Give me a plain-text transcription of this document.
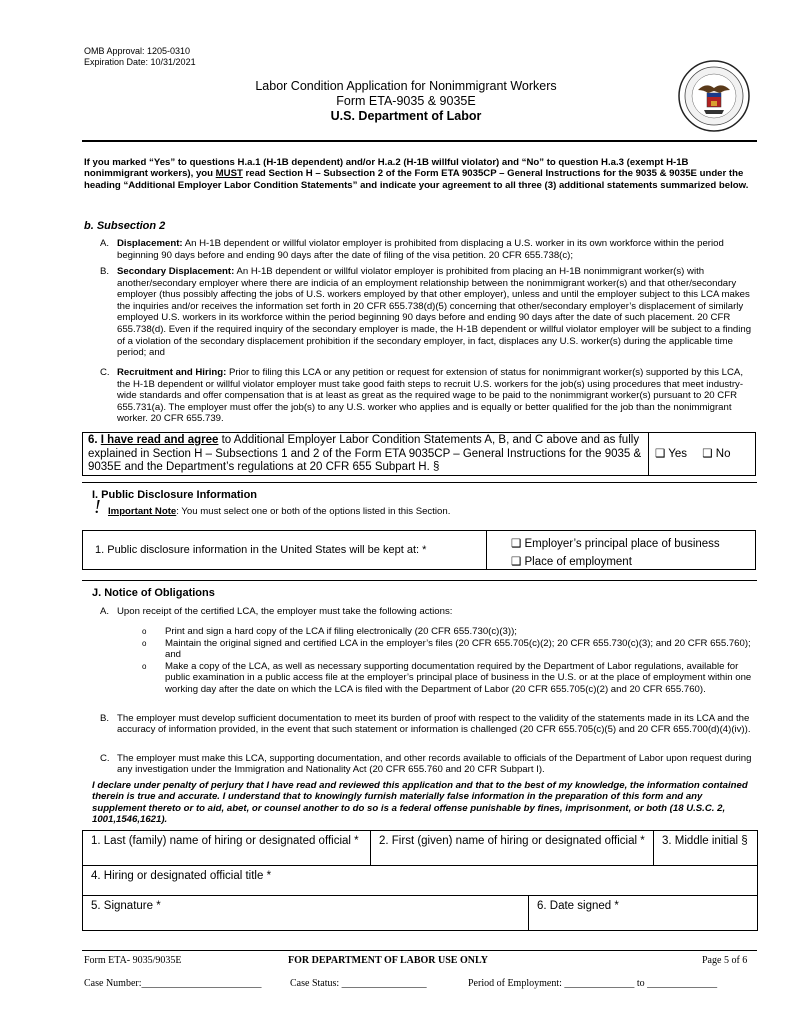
OMB Approval: 1205-0310
Expiration Date: 10/31/2021
Labor Condition Application for Nonimmigrant Workers
Form ETA-9035 & 9035E
U.S. Department of Labor
If you marked “Yes” to questions H.a.1 (H-1B dependent) and/or H.a.2 (H-1B willful violator) and “No” to question H.a.3 (exempt H-1B nonimmigrant workers), you MUST read Section H – Subsection 2 of the Form ETA 9035CP – General Instructions for the 9035 & 9035E under the heading “Additional Employer Labor Condition Statements” and indicate your agreement to all three (3) additional statements summarized below.
b. Subsection 2
A. Displacement: An H-1B dependent or willful violator employer is prohibited from displacing a U.S. worker in its own workforce within the period beginning 90 days before and ending 90 days after the date of filing of the visa petition. 20 CFR 655.738(c);
B. Secondary Displacement: An H-1B dependent or willful violator employer is prohibited from placing an H-1B nonimmigrant worker(s) with another/secondary employer where there are indicia of an employment relationship between the nonimmigrant worker(s) and that other/secondary employer (thus possibly affecting the jobs of U.S. workers employed by that other employer), unless and until the employer subject to this LCA makes the inquiries and/or receives the information set forth in 20 CFR 655.738(d)(5) concerning that other/secondary employer’s displacement of similarly employed U.S. workers in its workforce within the period beginning 90 days before and ending 90 days after the date of such placement. 20 CFR 655.738(d). Even if the required inquiry of the secondary employer is made, the H-1B dependent or willful violator employer will be subject to a finding of a violation of the secondary displacement prohibition if the secondary employer, in fact, displaces any U.S. worker(s) during the applicable time period; and
C. Recruitment and Hiring: Prior to filing this LCA or any petition or request for extension of status for nonimmigrant worker(s) supported by this LCA, the H-1B dependent or willful violator employer must take good faith steps to recruit U.S. workers for the job(s) using procedures that meet industry-wide standards and offer compensation that is at least as great as the required wage to be paid to the nonimmigrant worker(s) pursuant to 20 CFR 655.731(a). The employer must offer the job(s) to any U.S. worker who applies and is equally or better qualified for the job than the nonimmigrant worker. 20 CFR 655.739.
6. I have read and agree to Additional Employer Labor Condition Statements A, B, and C above and as fully explained in Section H – Subsections 1 and 2 of the Form ETA 9035CP – General Instructions for the 9035 & 9035E and the Department’s regulations at 20 CFR 655 Subpart H. §
❑ Yes ❑ No
I. Public Disclosure Information
! Important Note: You must select one or both of the options listed in this Section.
1. Public disclosure information in the United States will be kept at: *	❑ Employer’s principal place of business
❑ Place of employment
J. Notice of Obligations
A. Upon receipt of the certified LCA, the employer must take the following actions:
o Print and sign a hard copy of the LCA if filing electronically (20 CFR 655.730(c)(3));
o Maintain the original signed and certified LCA in the employer’s files (20 CFR 655.705(c)(2); 20 CFR 655.730(c)(3); and 20 CFR 655.760); and
o Make a copy of the LCA, as well as necessary supporting documentation required by the Department of Labor regulations, available for public examination in a public access file at the employer’s principal place of business in the U.S. or at the place of employment within one working day after the date on which the LCA is filed with the Department of Labor (20 CFR 655.705(c)(2) and 20 CFR 655.760).
B. The employer must develop sufficient documentation to meet its burden of proof with respect to the validity of the statements made in its LCA and the accuracy of information provided, in the event that such statement or information is challenged (20 CFR 655.705(c)(5) and 20 CFR 655.700(d)(4)(iv)).
C. The employer must make this LCA, supporting documentation, and other records available to officials of the Department of Labor upon request during any investigation under the Immigration and Nationality Act (20 CFR 655.760 and 20 CFR Subpart I).
I declare under penalty of perjury that I have read and reviewed this application and that to the best of my knowledge, the information contained therein is true and accurate. I understand that to knowingly furnish materially false information in the preparation of this form and any supplement thereto or to aid, abet, or counsel another to do so is a federal offense punishable by fines, imprisonment, or both (18 U.S.C. 2, 1001,1546,1621).
1. Last (family) name of hiring or designated official * 2. First (given) name of hiring or designated official * 3. Middle initial §
4. Hiring or designated official title *
5. Signature *	6. Date signed *
Form ETA- 9035/9035E	FOR DEPARTMENT OF LABOR USE ONLY	Page 5 of 6
Case Number:________________________	Case Status: _________________	Period of Employment: ______________ to ______________
